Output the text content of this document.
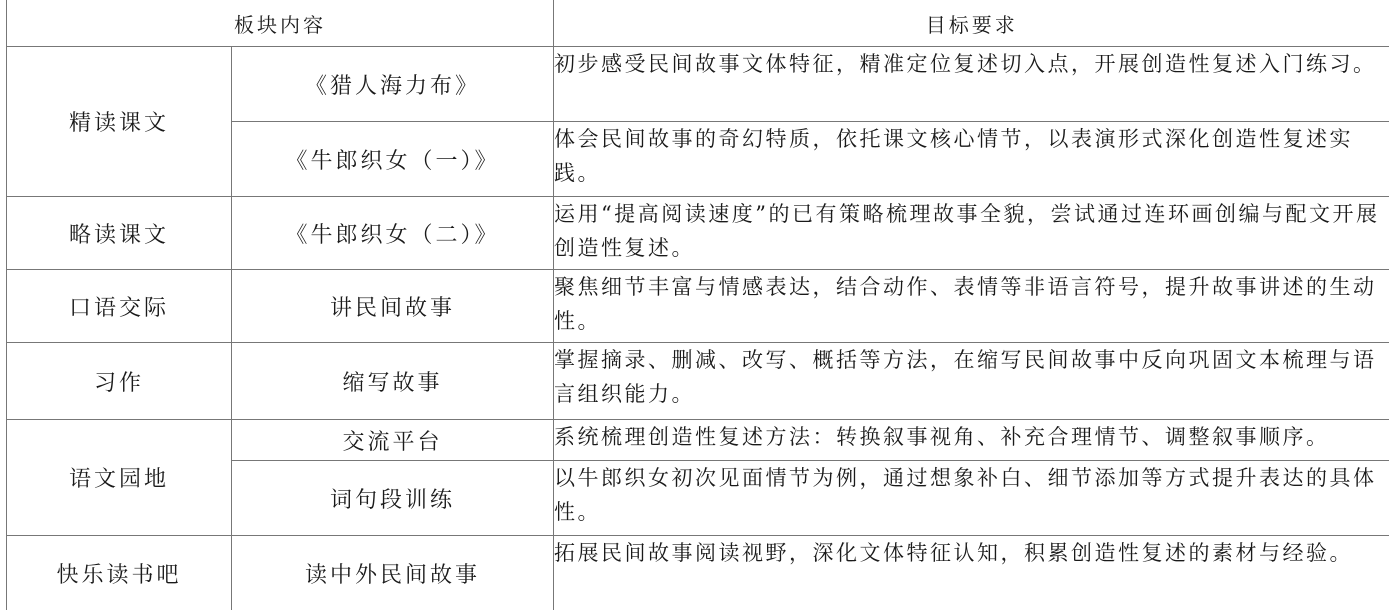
板块内容		目标要求
精读课文	《猎人海力布》	初步感受民间故事文体特征，精准定位复述切入点，开展创造性复述入门练习。
	《牛郎织女（一）》	体会民间故事的奇幻特质，依托课文核心情节，以表演形式深化创造性复述实践。
略读课文	《牛郎织女（二）》	运用“提高阅读速度”的已有策略梳理故事全貌，尝试通过连环画创编与配文开展创造性复述。
口语交际	讲民间故事	聚焦细节丰富与情感表达，结合动作、表情等非语言符号，提升故事讲述的生动性。
习作	缩写故事	掌握摘录、删减、改写、概括等方法，在缩写民间故事中反向巩固文本梳理与语言组织能力。
语文园地	交流平台	系统梳理创造性复述方法：转换叙事视角、补充合理情节、调整叙事顺序。
	词句段训练	以牛郎织女初次见面情节为例，通过想象补白、细节添加等方式提升表达的具体性。
快乐读书吧	读中外民间故事	拓展民间故事阅读视野，深化文体特征认知，积累创造性复述的素材与经验。
